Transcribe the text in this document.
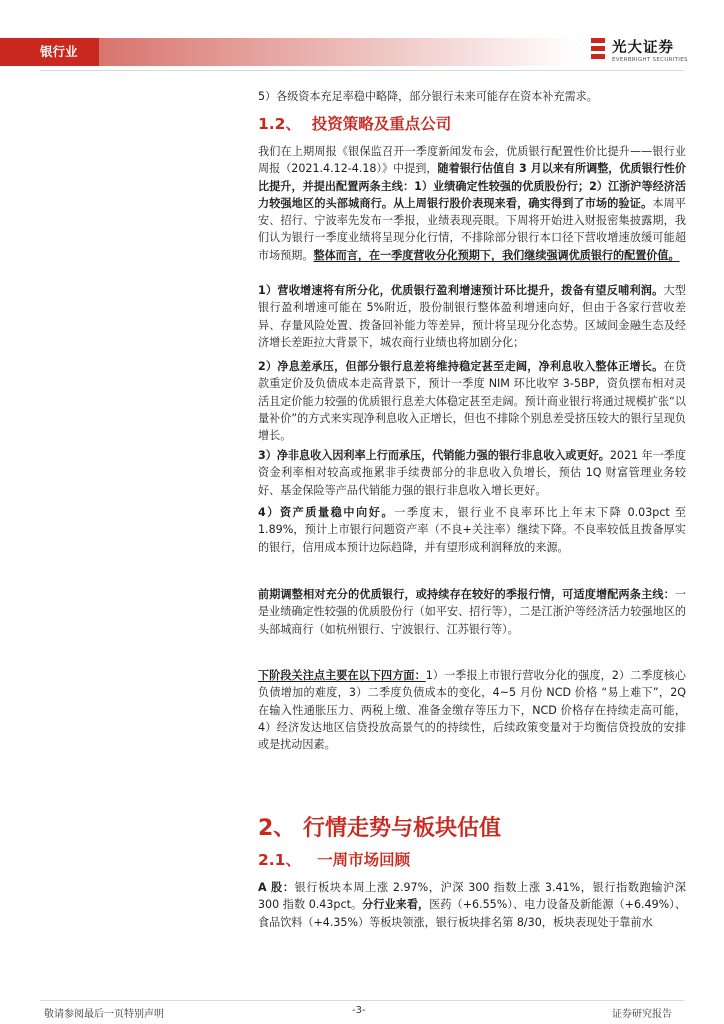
银行业	光大证券
EVERBRIGHT SECURITIES

5）各级资本充足率稳中略降，部分银行未来可能存在资本补充需求。

1.2、 投资策略及重点公司

我们在上期周报《银保监召开一季度新闻发布会，优质银行配置性价比提升——银行业周报（2021.4.12-4.18）》中提到，随着银行估值自 3 月以来有所调整，优质银行性价比提升，并提出配置两条主线：1）业绩确定性较强的优质股份行；2）江浙沪等经济活力较强地区的头部城商行。从上周银行股价表现来看，确实得到了市场的验证。本周平安、招行、宁波率先发布一季报，业绩表现亮眼。下周将开始进入财报密集披露期，我们认为银行一季度业绩将呈现分化行情，不排除部分银行本口径下营收增速放缓可能超市场预期。整体而言，在一季度营收分化预期下，我们继续强调优质银行的配置价值。

1）营收增速将有所分化，优质银行盈利增速预计环比提升，拨备有望反哺利润。大型银行盈利增速可能在 5%附近，股份制银行整体盈利增速向好，但由于各家行营收差异、存量风险处置、拨备回补能力等差异，预计将呈现分化态势。区域间金融生态及经济增长差距拉大背景下，城农商行业绩也将加剧分化；

2）净息差承压，但部分银行息差将维持稳定甚至走阔，净利息收入整体正增长。在贷款重定价及负债成本走高背景下，预计一季度 NIM 环比收窄 3-5BP，资负摆布相对灵活且定价能力较强的优质银行息差大体稳定甚至走阔。预计商业银行将通过规模扩张“以量补价”的方式来实现净利息收入正增长，但也不排除个别息差受挤压较大的银行呈现负增长。

3）净非息收入因利率上行而承压，代销能力强的银行非息收入或更好。2021 年一季度资金利率相对较高或拖累非手续费部分的非息收入负增长，预估 1Q 财富管理业务较好、基金保险等产品代销能力强的银行非息收入增长更好。

4）资产质量稳中向好。一季度末，银行业不良率环比上年末下降 0.03pct 至 1.89%，预计上市银行问题资产率（不良+关注率）继续下降。不良率较低且拨备厚实的银行，信用成本预计边际趋降，并有望形成利润释放的来源。

前期调整相对充分的优质银行，或持续存在较好的季报行情，可适度增配两条主线：一是业绩确定性较强的优质股份行（如平安、招行等），二是江浙沪等经济活力较强地区的头部城商行（如杭州银行、宁波银行、江苏银行等）。

下阶段关注点主要在以下四方面：1）一季报上市银行营收分化的强度，2）二季度核心负债增加的难度，3）二季度负债成本的变化，4~5 月份 NCD 价格 “易上难下”，2Q 在输入性通胀压力、两税上缴、准备金缴存等压力下，NCD 价格存在持续走高可能，4）经济发达地区信贷投放高景气的的持续性，后续政策变量对于均衡信贷投放的安排或是扰动因素。

2、 行情走势与板块估值
2.1、 一周市场回顾

A 股：银行板块本周上涨 2.97%，沪深 300 指数上涨 3.41%，银行指数跑输沪深 300 指数 0.43pct。分行业来看，医药（+6.55%）、电力设备及新能源（+6.49%）、食品饮料（+4.35%）等板块领涨，银行板块排名第 8/30，板块表现处于靠前水

敬请参阅最后一页特别声明	-3-	证券研究报告
